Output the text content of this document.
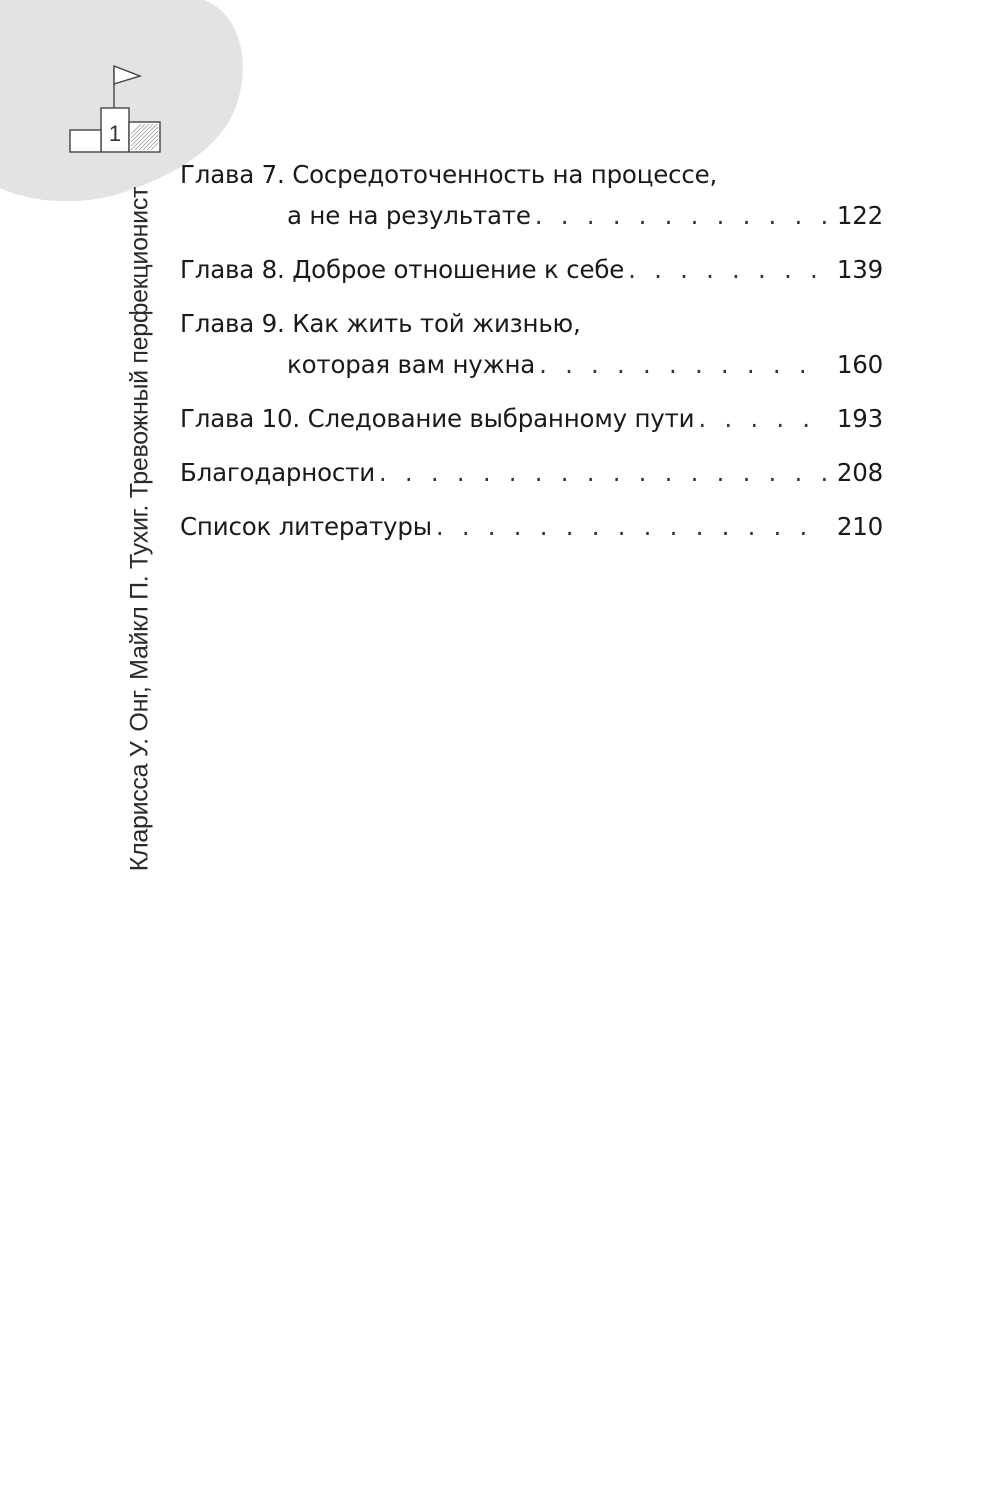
1
Кларисса У. Онг, Майкл П. Тухиг. Тревожный перфекционист
Глава 7. Сосредоточенность на процессе,
а не на результате . . .	122
Глава 8. Доброе отношение к себе . . .	139
Глава 9. Как жить той жизнью,
которая вам нужна . . .	160
Глава 10. Следование выбранному пути . . .	193
Благодарности . . .	208
Список литературы . . .	210
